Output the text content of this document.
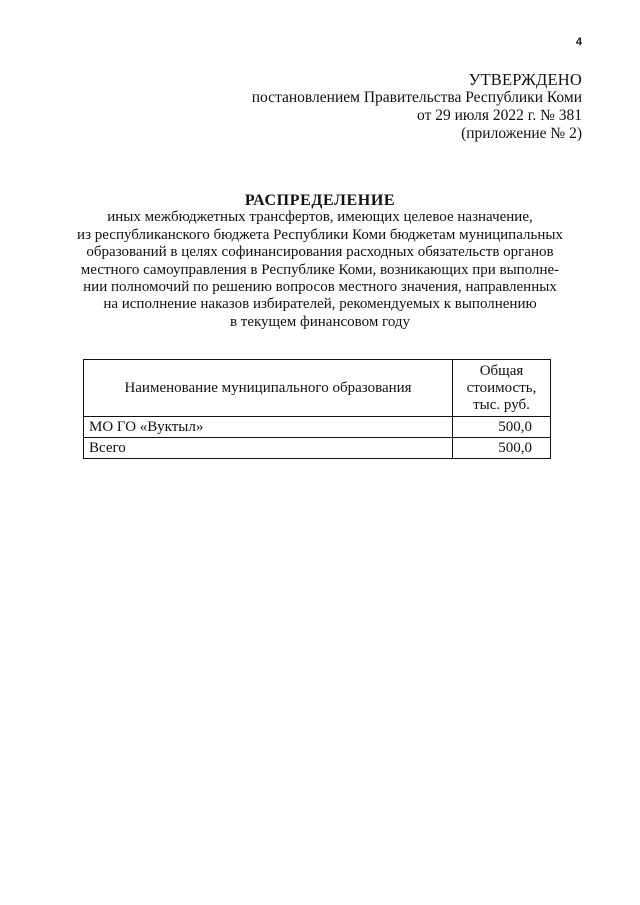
4
УТВЕРЖДЕНО
постановлением Правительства Республики Коми
от 29 июля 2022 г. № 381
(приложение № 2)
РАСПРЕДЕЛЕНИЕ
иных межбюджетных трансфертов, имеющих целевое назначение,
из республиканского бюджета Республики Коми бюджетам муниципальных
образований в целях софинансирования расходных обязательств органов
местного самоуправления в Республике Коми, возникающих при выполне-
нии полномочий по решению вопросов местного значения, направленных
на исполнение наказов избирателей, рекомендуемых к выполнению
в текущем финансовом году
Наименование муниципального образования	Общая
стоимость,
тыс. руб.

МО ГО «Вуктыл»	500,0
Всего	500,0
